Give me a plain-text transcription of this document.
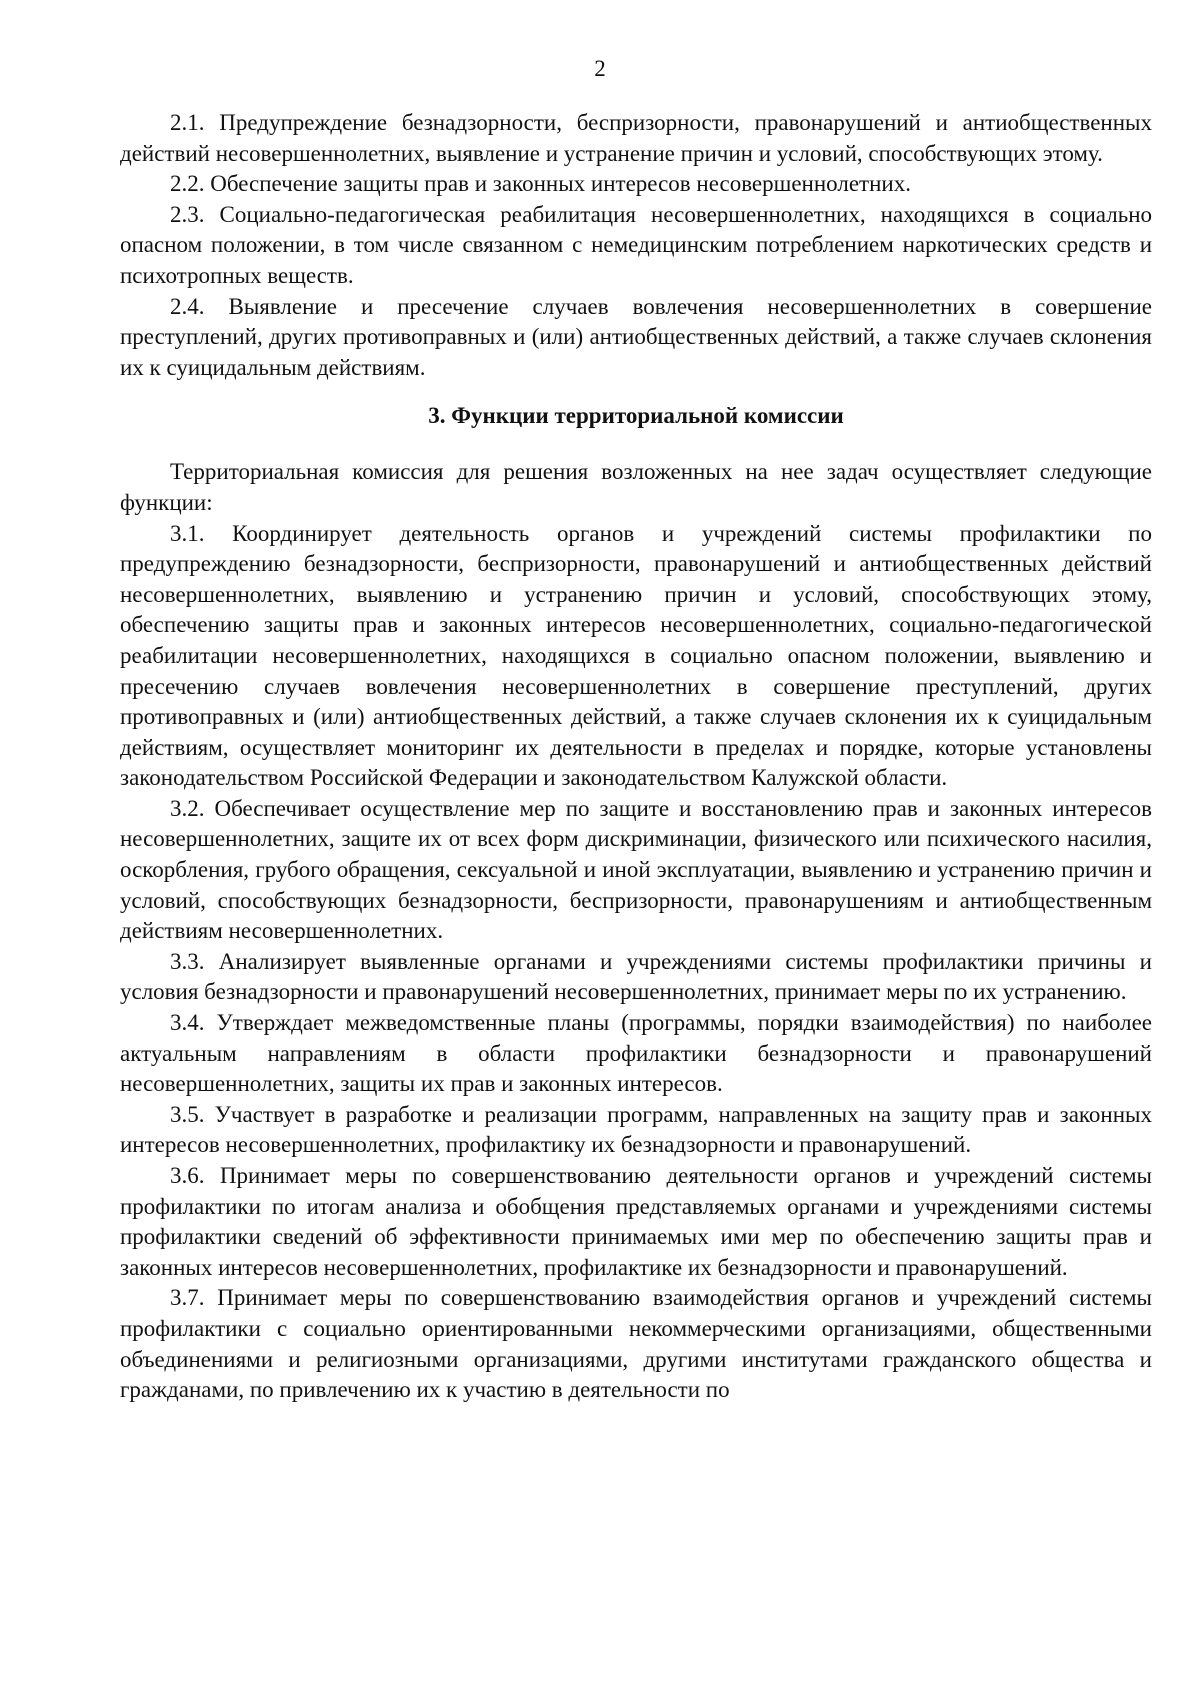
2

2.1. Предупреждение безнадзорности, беспризорности, правонарушений и антиобщественных действий несовершеннолетних, выявление и устранение причин и условий, способствующих этому.

2.2. Обеспечение защиты прав и законных интересов несовершеннолетних.

2.3. Социально-педагогическая реабилитация несовершеннолетних, находящихся в социально опасном положении, в том числе связанном с немедицинским потреблением наркотических средств и психотропных веществ.

2.4. Выявление и пресечение случаев вовлечения несовершеннолетних в совершение преступлений, других противоправных и (или) антиобщественных действий, а также случаев склонения их к суицидальным действиям.

3. Функции территориальной комиссии

Территориальная комиссия для решения возложенных на нее задач осуществляет следующие функции:

3.1. Координирует деятельность органов и учреждений системы профилактики по предупреждению безнадзорности, беспризорности, правонарушений и антиобщественных действий несовершеннолетних, выявлению и устранению причин и условий, способствующих этому, обеспечению защиты прав и законных интересов несовершеннолетних, социально-педагогической реабилитации несовершеннолетних, находящихся в социально опасном положении, выявлению и пресечению случаев вовлечения несовершеннолетних в совершение преступлений, других противоправных и (или) антиобщественных действий, а также случаев склонения их к суицидальным действиям, осуществляет мониторинг их деятельности в пределах и порядке, которые установлены законодательством Российской Федерации и законодательством Калужской области.

3.2. Обеспечивает осуществление мер по защите и восстановлению прав и законных интересов несовершеннолетних, защите их от всех форм дискриминации, физического или психического насилия, оскорбления, грубого обращения, сексуальной и иной эксплуатации, выявлению и устранению причин и условий, способствующих безнадзорности, беспризорности, правонарушениям и антиобщественным действиям несовершеннолетних.

3.3. Анализирует выявленные органами и учреждениями системы профилактики причины и условия безнадзорности и правонарушений несовершеннолетних, принимает меры по их устранению.

3.4. Утверждает межведомственные планы (программы, порядки взаимодействия) по наиболее актуальным направлениям в области профилактики безнадзорности и правонарушений несовершеннолетних, защиты их прав и законных интересов.

3.5. Участвует в разработке и реализации программ, направленных на защиту прав и законных интересов несовершеннолетних, профилактику их безнадзорности и правонарушений.

3.6. Принимает меры по совершенствованию деятельности органов и учреждений системы профилактики по итогам анализа и обобщения представляемых органами и учреждениями системы профилактики сведений об эффективности принимаемых ими мер по обеспечению защиты прав и законных интересов несовершеннолетних, профилактике их безнадзорности и правонарушений.

3.7. Принимает меры по совершенствованию взаимодействия органов и учреждений системы профилактики с социально ориентированными некоммерческими организациями, общественными объединениями и религиозными организациями, другими институтами гражданского общества и гражданами, по привлечению их к участию в деятельности по
